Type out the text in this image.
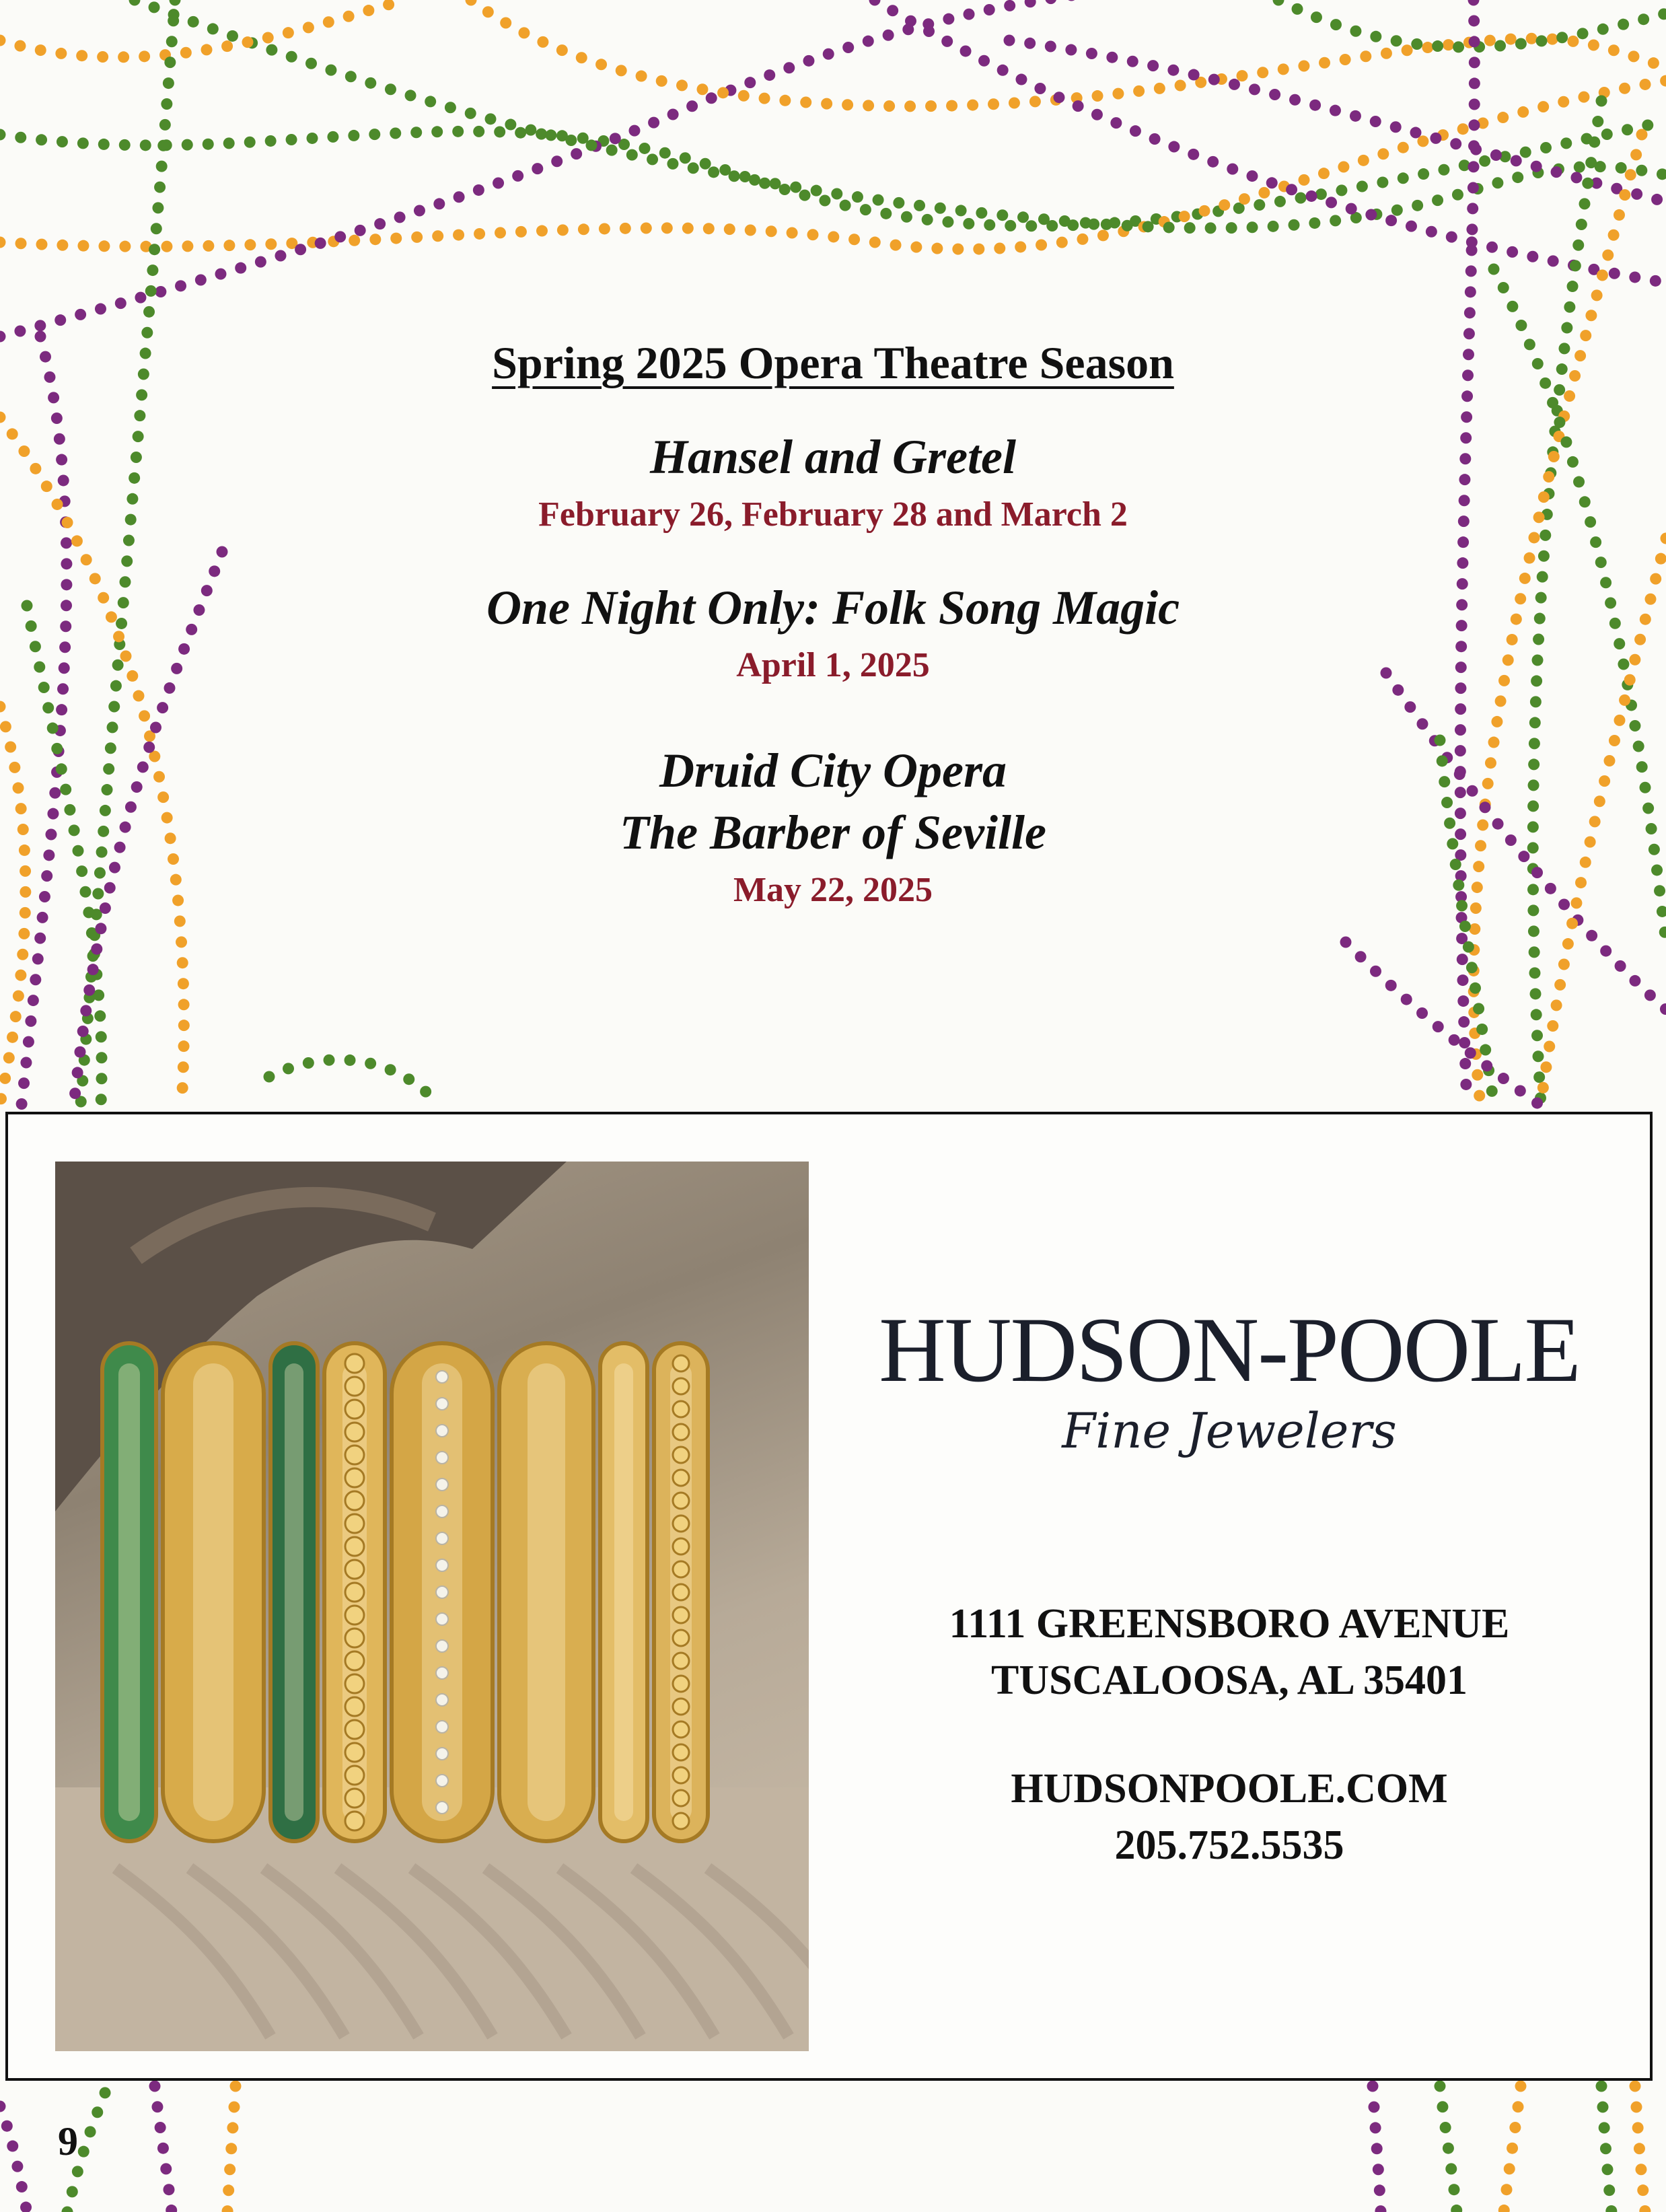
Spring 2025 Opera Theatre Season

Hansel and Gretel

February 26, February 28 and March 2

One Night Only: Folk Song Magic

April 1, 2025

Druid City Opera

The Barber of Seville

May 22, 2025

HUDSON-POOLE

Fine Jewelers

1111 GREENSBORO AVENUE

TUSCALOOSA, AL 35401

HUDSONPOOLE.COM

205.752.5535

9
